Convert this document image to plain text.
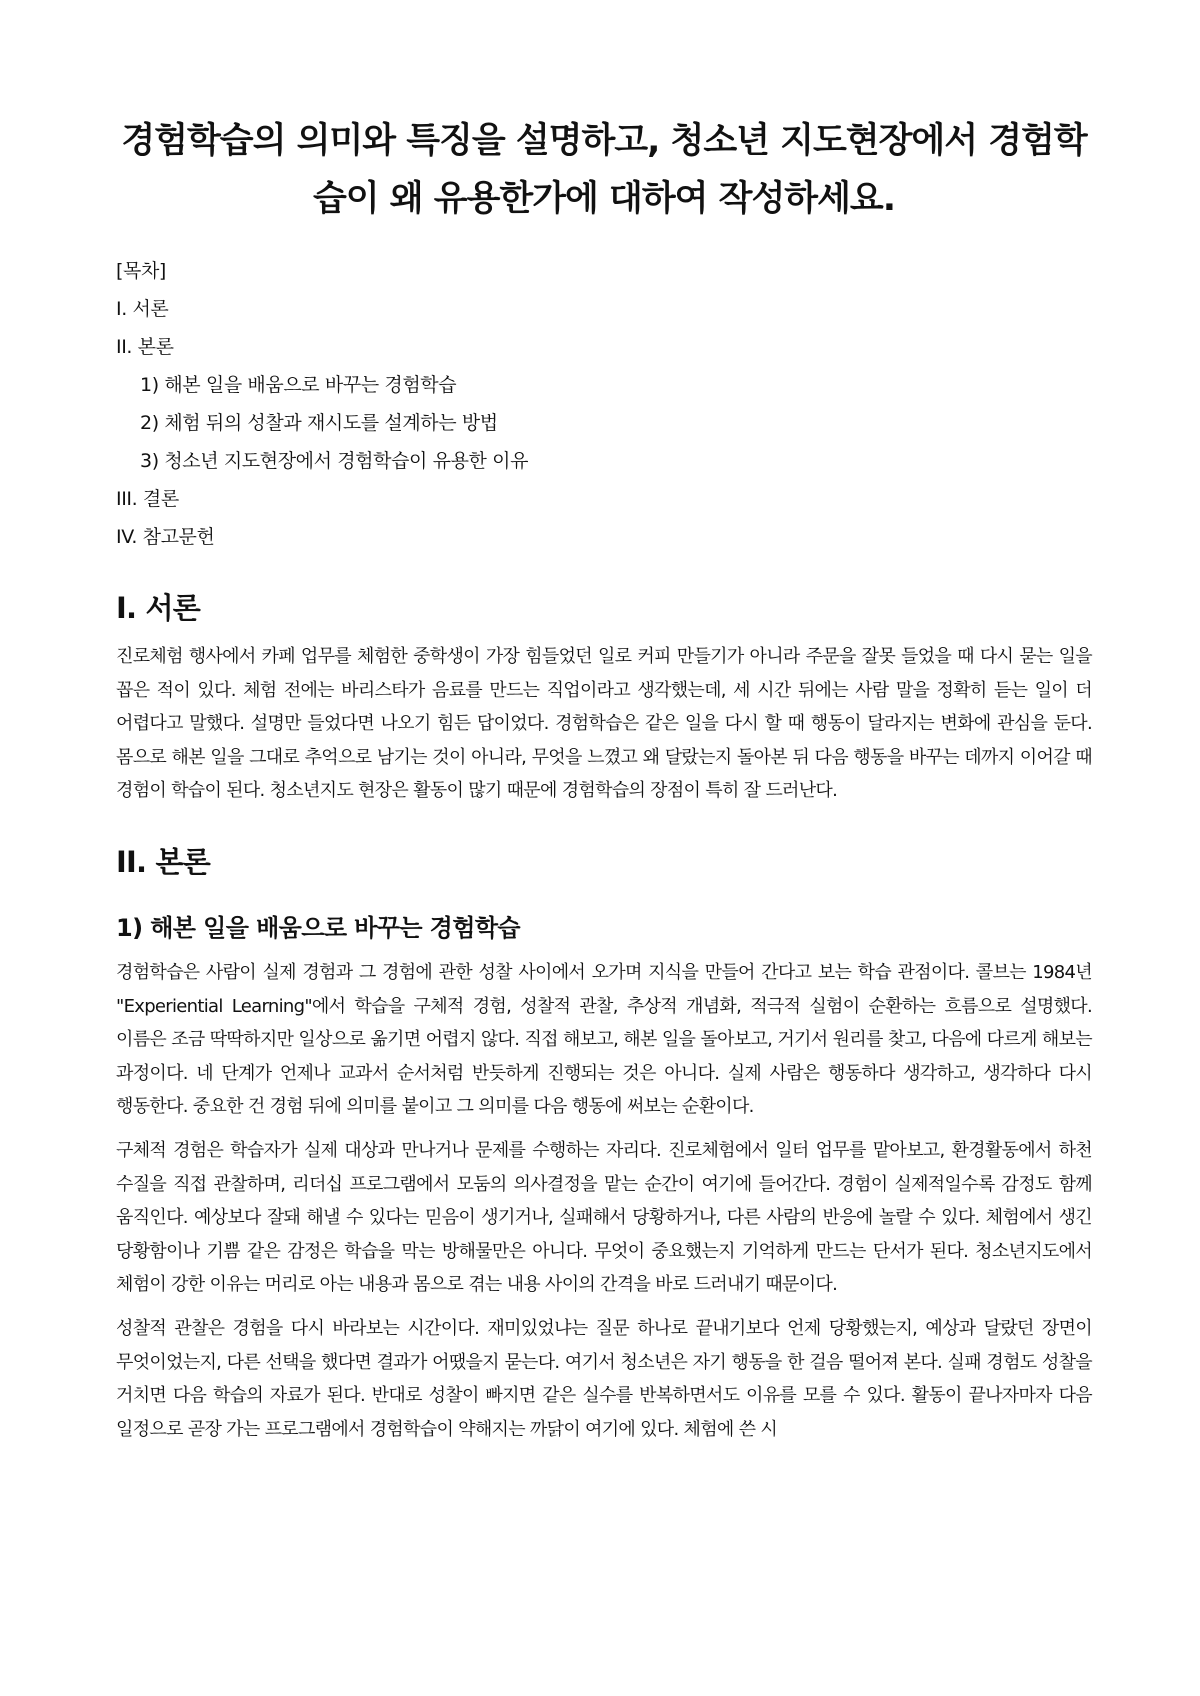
경험학습의 의미와 특징을 설명하고, 청소년 지도현장에서 경험학습이 왜 유용한가에 대하여 작성하세요.
[목차]
I. 서론
II. 본론
1) 해본 일을 배움으로 바꾸는 경험학습
2) 체험 뒤의 성찰과 재시도를 설계하는 방법
3) 청소년 지도현장에서 경험학습이 유용한 이유
III. 결론
IV. 참고문헌
I. 서론

진로체험 행사에서 카페 업무를 체험한 중학생이 가장 힘들었던 일로 커피 만들기가 아니라 주문을 잘못 들었을 때 다시 묻는 일을 꼽은 적이 있다. 체험 전에는 바리스타가 음료를 만드는 직업이라고 생각했는데, 세 시간 뒤에는 사람 말을 정확히 듣는 일이 더 어렵다고 말했다. 설명만 들었다면 나오기 힘든 답이었다. 경험학습은 같은 일을 다시 할 때 행동이 달라지는 변화에 관심을 둔다. 몸으로 해본 일을 그대로 추억으로 남기는 것이 아니라, 무엇을 느꼈고 왜 달랐는지 돌아본 뒤 다음 행동을 바꾸는 데까지 이어갈 때 경험이 학습이 된다. 청소년지도 현장은 활동이 많기 때문에 경험학습의 장점이 특히 잘 드러난다.

II. 본론
1) 해본 일을 배움으로 바꾸는 경험학습

경험학습은 사람이 실제 경험과 그 경험에 관한 성찰 사이에서 오가며 지식을 만들어 간다고 보는 학습 관점이다. 콜브는 1984년 "Experiential Learning"에서 학습을 구체적 경험, 성찰적 관찰, 추상적 개념화, 적극적 실험이 순환하는 흐름으로 설명했다. 이름은 조금 딱딱하지만 일상으로 옮기면 어렵지 않다. 직접 해보고, 해본 일을 돌아보고, 거기서 원리를 찾고, 다음에 다르게 해보는 과정이다. 네 단계가 언제나 교과서 순서처럼 반듯하게 진행되는 것은 아니다. 실제 사람은 행동하다 생각하고, 생각하다 다시 행동한다. 중요한 건 경험 뒤에 의미를 붙이고 그 의미를 다음 행동에 써보는 순환이다.

구체적 경험은 학습자가 실제 대상과 만나거나 문제를 수행하는 자리다. 진로체험에서 일터 업무를 맡아보고, 환경활동에서 하천 수질을 직접 관찰하며, 리더십 프로그램에서 모둠의 의사결정을 맡는 순간이 여기에 들어간다. 경험이 실제적일수록 감정도 함께 움직인다. 예상보다 잘돼 해낼 수 있다는 믿음이 생기거나, 실패해서 당황하거나, 다른 사람의 반응에 놀랄 수 있다. 체험에서 생긴 당황함이나 기쁨 같은 감정은 학습을 막는 방해물만은 아니다. 무엇이 중요했는지 기억하게 만드는 단서가 된다. 청소년지도에서 체험이 강한 이유는 머리로 아는 내용과 몸으로 겪는 내용 사이의 간격을 바로 드러내기 때문이다.

성찰적 관찰은 경험을 다시 바라보는 시간이다. 재미있었냐는 질문 하나로 끝내기보다 언제 당황했는지, 예상과 달랐던 장면이 무엇이었는지, 다른 선택을 했다면 결과가 어땠을지 묻는다. 여기서 청소년은 자기 행동을 한 걸음 떨어져 본다. 실패 경험도 성찰을 거치면 다음 학습의 자료가 된다. 반대로 성찰이 빠지면 같은 실수를 반복하면서도 이유를 모를 수 있다. 활동이 끝나자마자 다음 일정으로 곧장 가는 프로그램에서 경험학습이 약해지는 까닭이 여기에 있다. 체험에 쓴 시
